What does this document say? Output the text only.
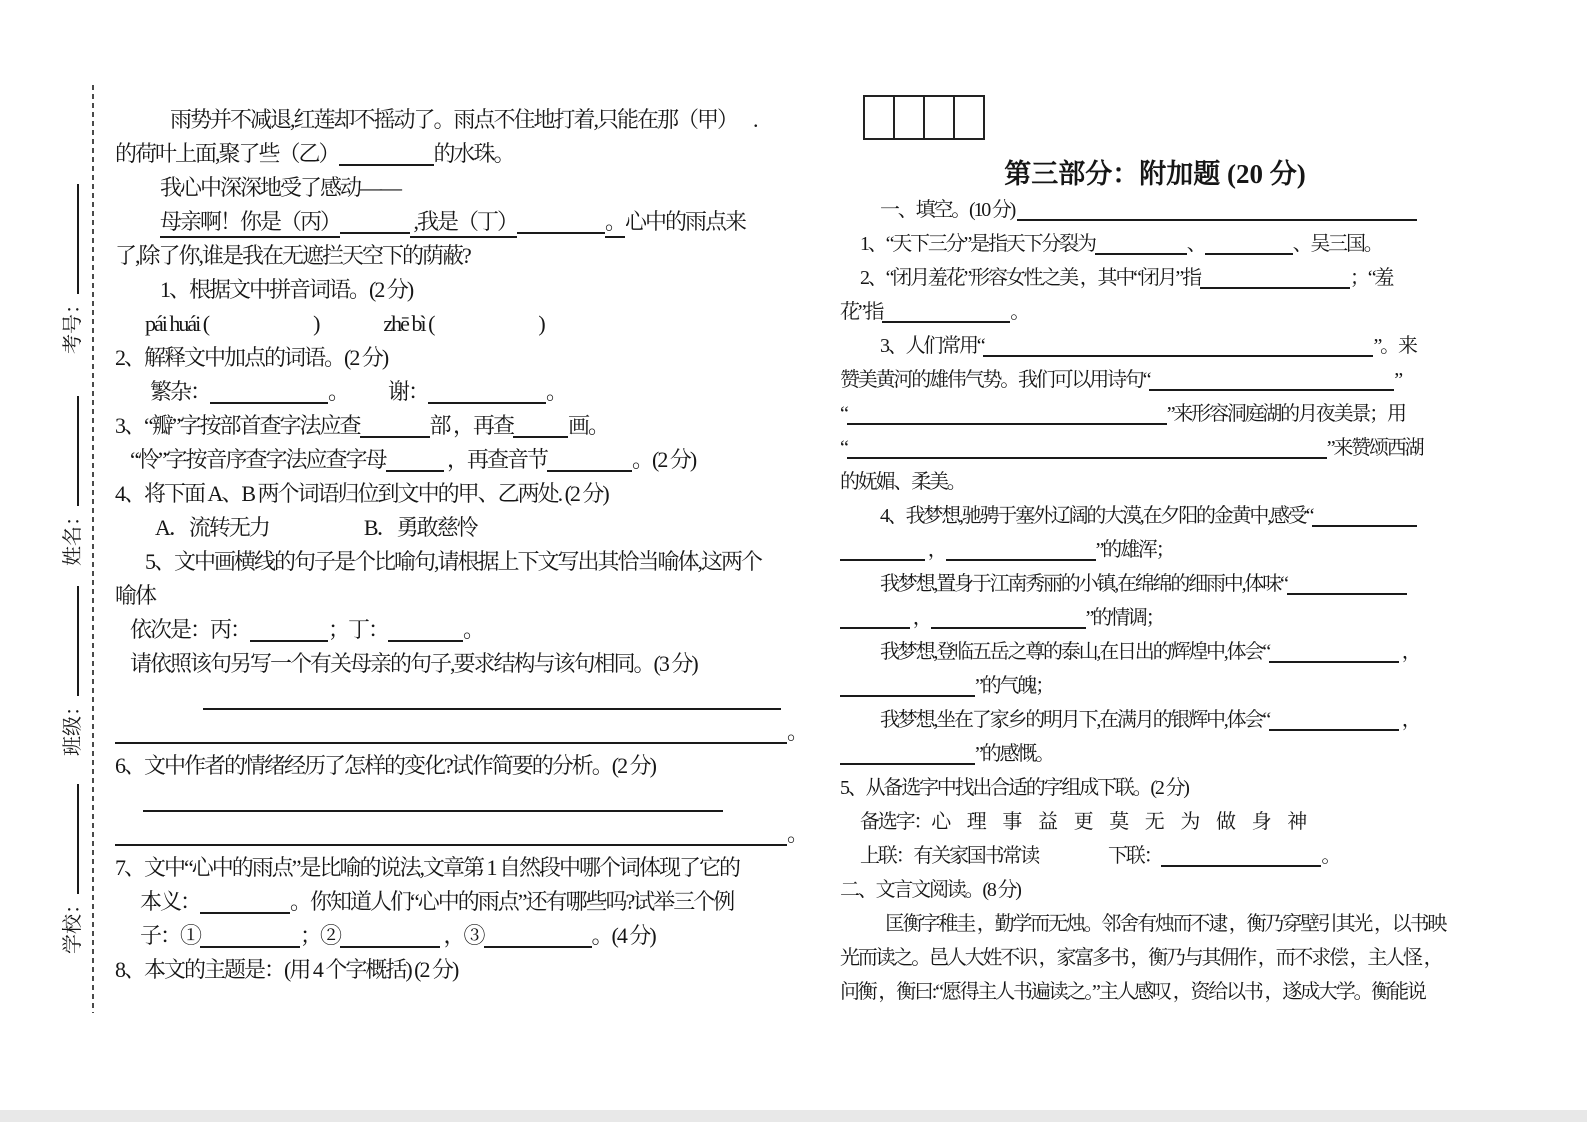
考号：
姓名：
班级：
学校：
雨势并不减退,红莲却不摇动了。雨点不住地打着,只能在那（甲） .
的荷叶上面,聚了些（乙）	的水珠。
我心中深深地受了感动——
母亲啊！你是（丙）	,我是（丁）	。心中的雨点来
了,除了你,谁是我在无遮拦天空下的荫蔽?
1、根据文中拼音词语。(2 分)
pái huái (	)	zhē bì (	)
2、解释文中加点的词语。(2 分)
繁杂：	。 谢：	。
3、“瓣”字按部首查字法应查	部 ，再查	画。
“怜”字按音序查字法应查字母	，再查音节	。(2 分)
4、将下面 A、B 两个词语归位到文中的甲、乙两处. (2 分)
A．流转无力	B．勇敢慈怜
5、文中画横线的句子是个比喻句,请根据上下文写出其恰当喻体,这两个
喻体
依次是：丙：	；丁：	。
请依照该句另写一个有关母亲的句子,要求结构与该句相同。(3 分)
。
6、文中作者的情绪经历了怎样的变化?试作简要的分析。(2 分)
。
7、文中“心中的雨点”是比喻的说法,文章第 1 自然段中哪个词体现了它的
本义：	。你知道人们“心中的雨点”还有哪些吗?试举三个例
子：①	；②	，③	。(4 分)
8、本文的主题是：(用 4 个字概括) (2 分)
第三部分：附加题 (20 分)
一、填空。(10 分)
1、“天下三分”是指天下分裂为	、	、吴三国。
2、“闭月羞花”形容女性之美 ，其中“闭月”指	；“羞
花”指	。
3、人们常用“	”。来
赞美黄河的雄伟气势。我们可以用诗句“	”
“	”来形容洞庭湖的月夜美景；用
“	”来赞颂西湖
的妩媚、柔美。
4、我梦想,驰骋于塞外辽阔的大漠,在夕阳的金黄中,感受“
，	”的雄浑；
我梦想,置身于江南秀丽的小镇,在绵绵的细雨中,体味“
，	”的情调；
我梦想,登临五岳之尊的泰山,在日出的辉煌中,体会“	，
”的气魄；
我梦想,坐在了家乡的明月下,在满月的银辉中,体会“	，
”的感慨。
5、从备选字中找出合适的字组成下联。(2 分)
备选字：心　理　事　益　更　莫　无　为　做　身　神
上联：有关家国书常读	下联：	。
二、文言文阅读。(8 分)
匡衡字稚圭 ，勤学而无烛。邻舍有烛而不逮 ，衡乃穿壁引其光 ，以书映
光而读之。邑人大姓不识 ，家富多书 ，衡乃与其佣作 ，而不求偿 ，主人怪 ，
问衡 ，衡曰:“愿得主人书遍读之。”主人感叹 ，资给以书 ，遂成大学。衡能说
